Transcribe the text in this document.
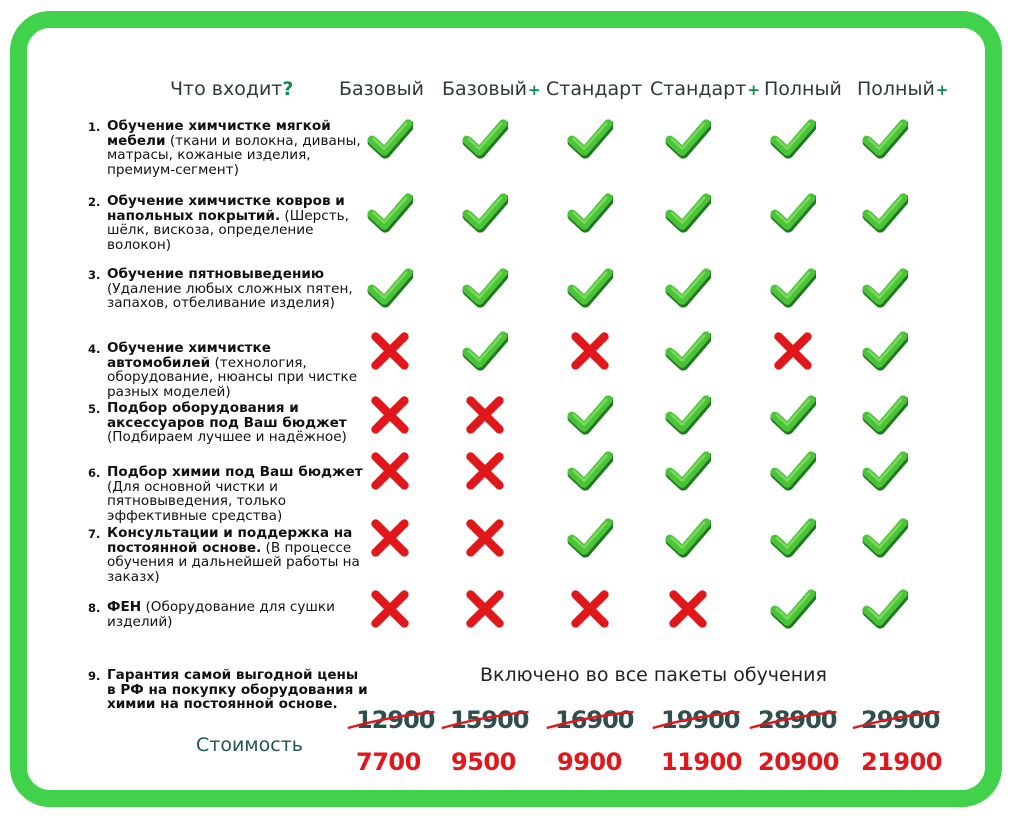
Что входит? Базовый Базовый+ Стандарт Стандарт+ Полный Полный+
1. Обучение химчистке мягкой мебели (ткани и волокна, диваны, матрасы, кожаные изделия, премиум-сегмент)
2. Обучение химчистке ковров и напольных покрытий. (Шерсть, шёлк, вискоза, определение волокон)
3. Обучение пятновыведению (Удаление любых сложных пятен, запахов, отбеливание изделия)
4. Обучение химчистке автомобилей (технология, оборудование, нюансы при чистке разных моделей)
5. Подбор оборудования и аксессуаров под Ваш бюджет (Подбираем лучшее и надёжное)
6. Подбор химии под Ваш бюджет (Для основной чистки и пятновыведения, только эффективные средства)
7. Консультации и поддержка на постоянной основе. (В процессе обучения и дальнейшей работы на заказх)
8. ФЕН (Оборудование для сушки изделий)
9. Гарантия самой выгодной цены в РФ на покупку оборудования и химии на постоянной основе.
Включено во все пакеты обучения
Стоимость
12900 15900 16900 19900 28900 29900
7700 9500 9900 11900 20900 21900
